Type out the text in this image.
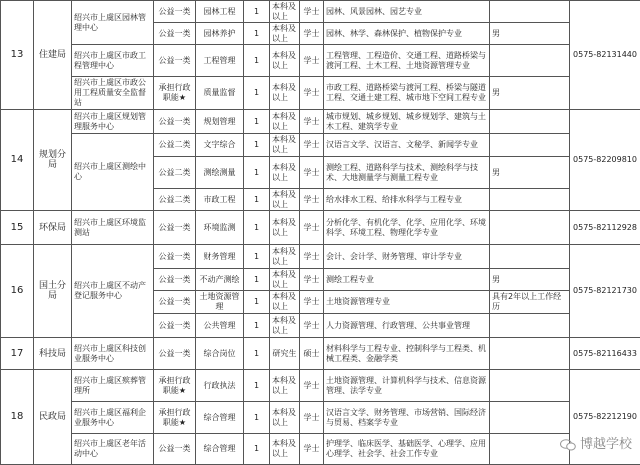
13	住建局	绍兴市上虞区园林管理中心	公益一类	园林工程	1	本科及以上	学士	园林、风景园林、园艺专业		0575-82131440
			公益一类	园林养护	1	本科及以上	学士	园林、林学、森林保护、植物保护专业	男	
		绍兴市上虞区市政工程管理中心	公益一类	工程管理	1	本科及以上	学士	工程管理、工程造价、交通工程、道路桥梁与渡河工程、土木工程、土地资源管理专业		
		绍兴市上虞区市政公用工程质量安全监督站	承担行政职能★	质量监督	1	本科及以上	学士	市政工程、道路桥梁与渡河工程、桥梁与隧道工程、交通土建工程、城市地下空间工程专业	男	
14	规划分局	绍兴市上虞区规划管理服务中心	公益一类	规划管理	1	本科及以上	学士	城市规划、城乡规划、城乡规划学、建筑与土木工程、建筑学专业		0575-82209810
		绍兴市上虞区测绘中心	公益二类	文字综合	1	本科及以上	学士	汉语言文学、汉语言、文秘学、新闻学专业		
			公益二类	测绘测量	1	本科及以上	学士	测绘工程、道路科学与技术、测绘科学与技术、大地测量学与测量工程专业	男	
			公益二类	市政工程	1	本科及以上	学士	给水排水工程、给排水科学与工程专业		
15	环保局	绍兴市上虞区环境监测站	公益一类	环境监测	1	本科及以上	学士	分析化学、有机化学、化学、应用化学、环境科学、环境工程、物理化学专业		0575-82112928
16	国土分局	绍兴市上虞区不动产登记服务中心	公益一类	财务管理	1	本科及以上	学士	会计、会计学、财务管理、审计学专业		0575-82121730
			公益一类	不动产测绘	1	本科及以上	学士	测绘工程专业	男	
			公益一类	土地资源管理	1	本科及以上	学士	土地资源管理专业	具有2年以上工作经历	
			公益一类	公共管理	1	本科及以上	学士	人力资源管理、行政管理、公共事业管理		
17	科技局	绍兴市上虞区科技创业服务中心	公益一类	综合岗位	1	研究生	硕士	材料科学与工程专业、控制科学与工程类、机械工程类、金融学类		0575-82116433
18	民政局	绍兴市上虞区殡葬管理所	承担行政职能★	行政执法	1	本科及以上	学士	土地资源管理、计算机科学与技术、信息资源管理、法学专业		0575-82212190
		绍兴市上虞区福利企业服务中心	承担行政职能★	综合管理	1	本科及以上	学士	汉语言文学、财务管理、市场营销、国际经济与贸易、档案学专业		
		绍兴市上虞区老年活动中心	公益一类	综合管理	1	本科及以上	学士	护理学、临床医学、基础医学、心理学、应用心理学、社会学、社会工作专业		
博越学校
